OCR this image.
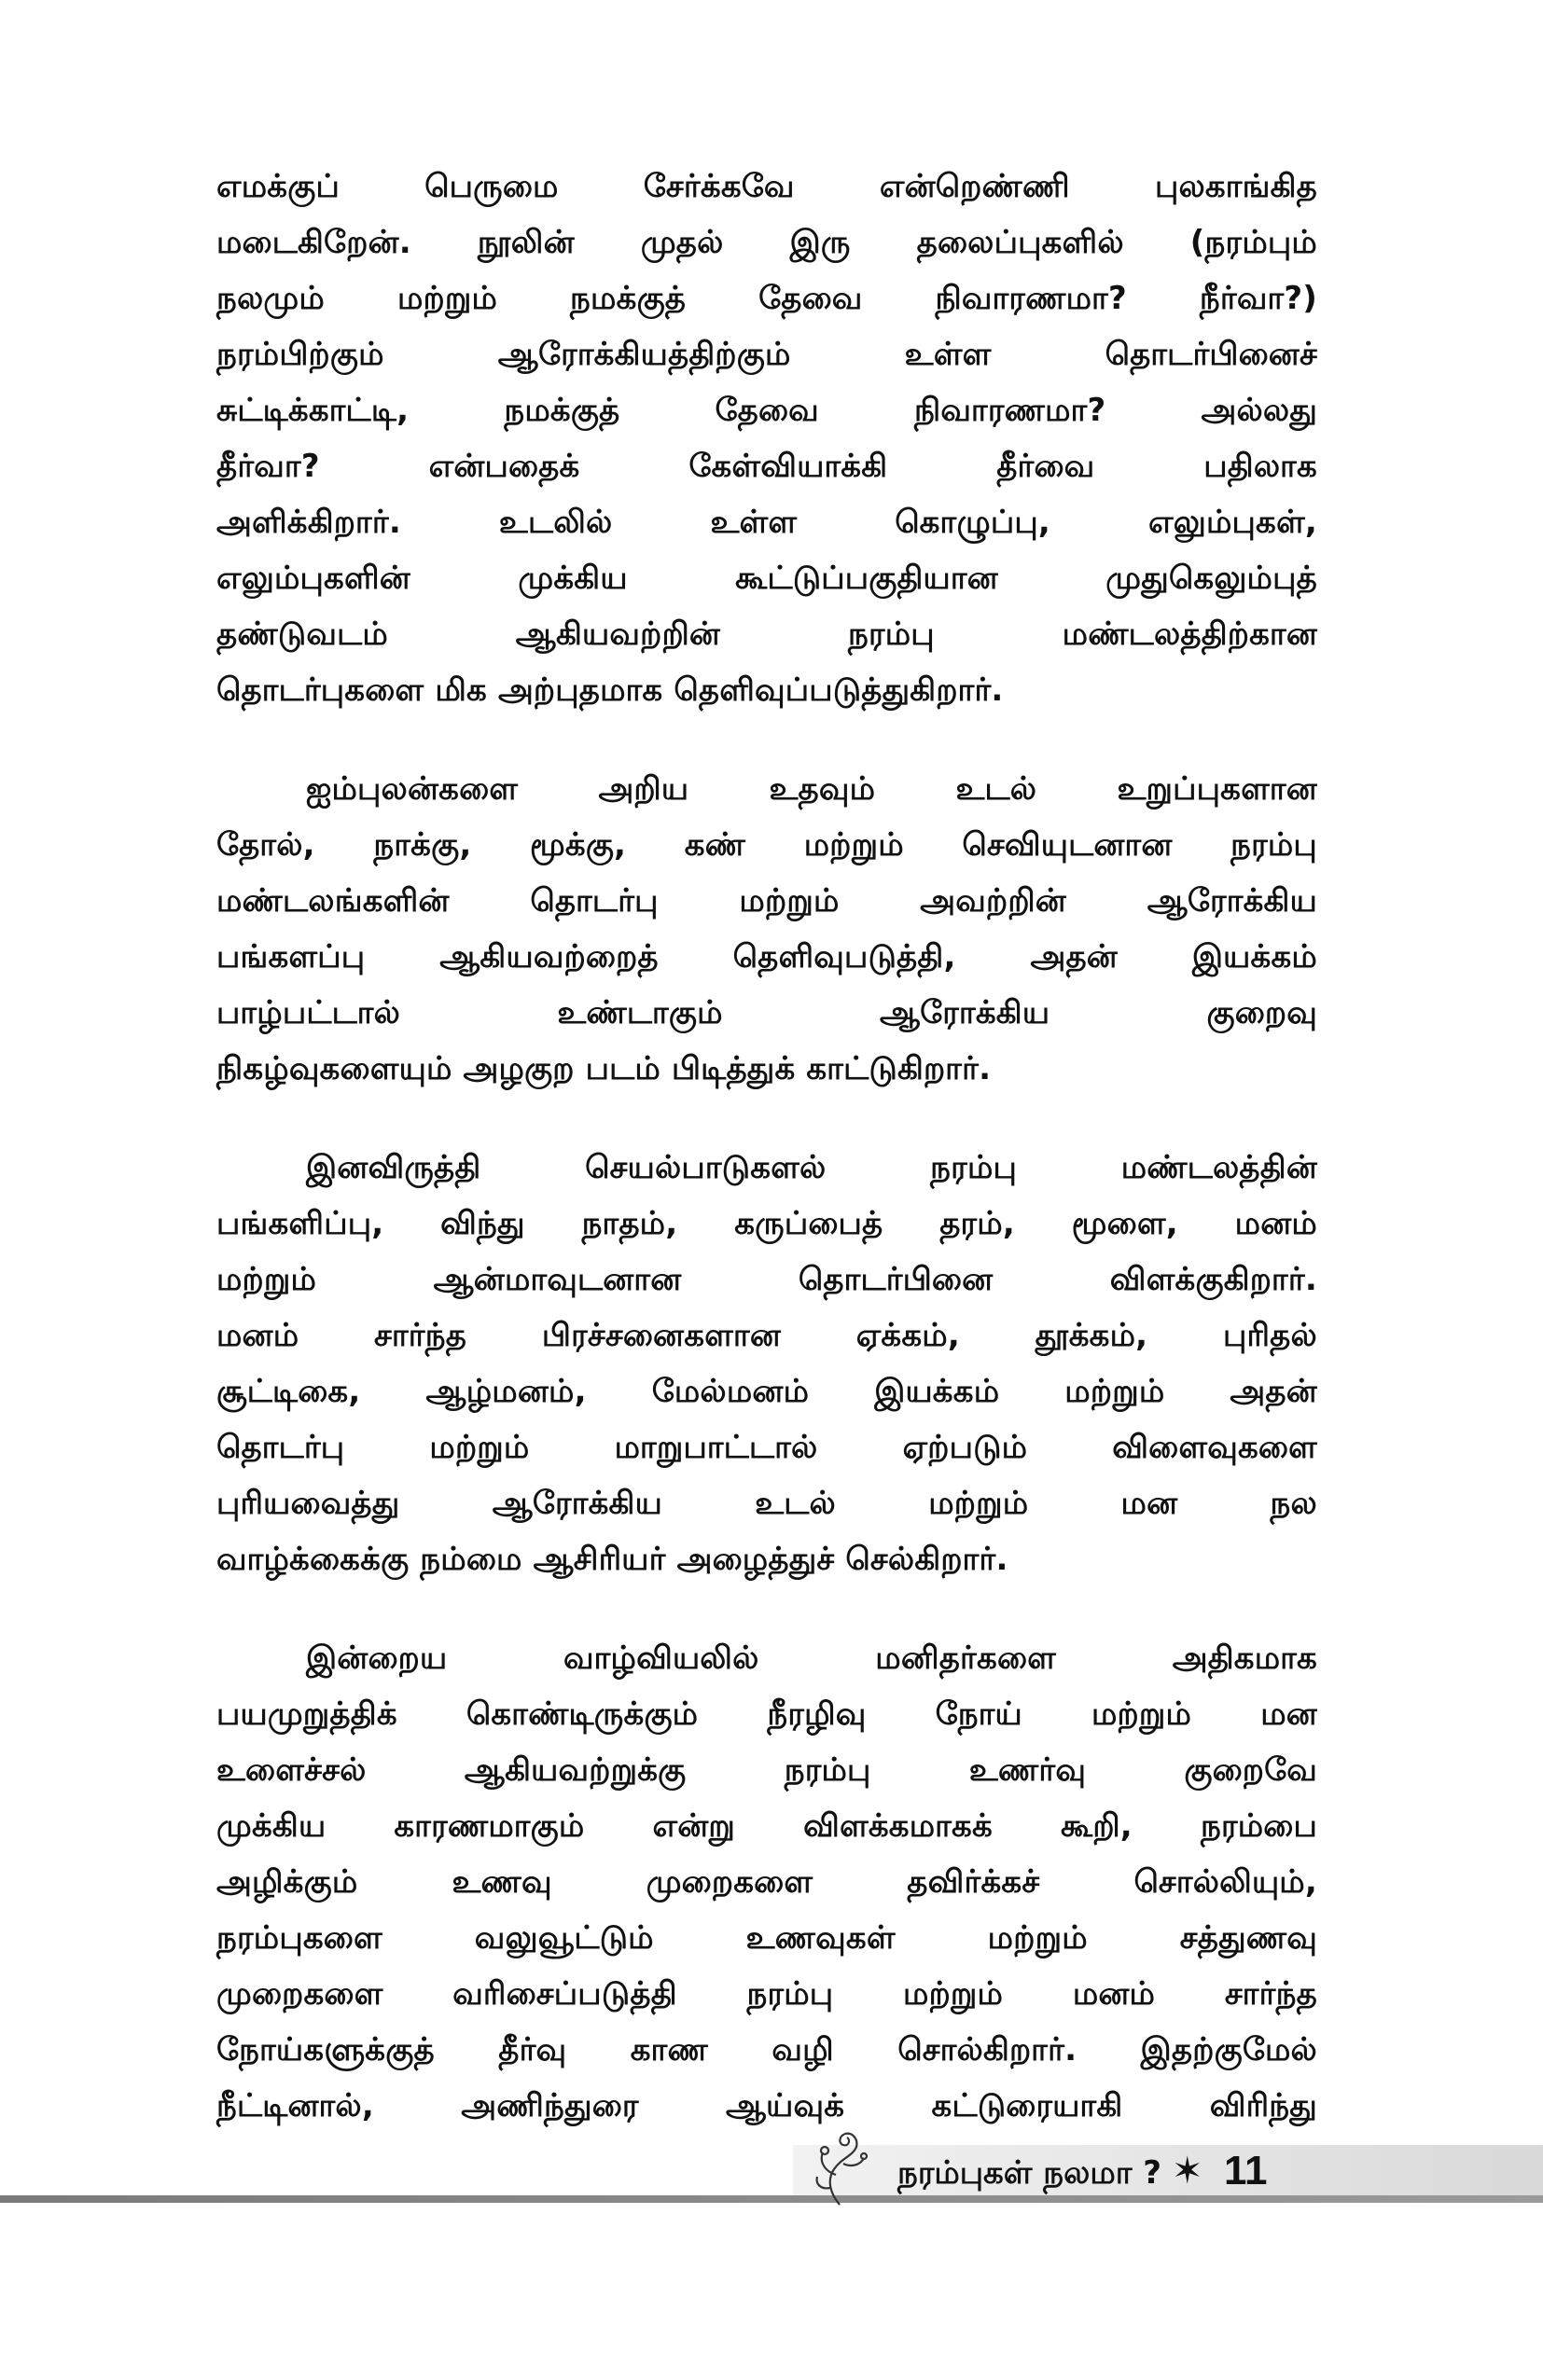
எமக்குப்	பெருமை	சேர்க்கவே	என்றெண்ணி	புலகாங்கித
மடைகிறேன். நூலின் முதல் இரு தலைப்புகளில் (நரம்பும்
நலமும் மற்றும் நமக்குத் தேவை நிவாரணமா? நீர்வா?)
நரம்பிற்கும்	ஆரோக்கியத்திற்கும்	உள்ள	தொடர்பினைச்
சுட்டிக்காட்டி,	நமக்குத்	தேவை	நிவாரணமா?	அல்லது
தீர்வா?	என்பதைக்	கேள்வியாக்கி	தீர்வை	பதிலாக
அளிக்கிறார்.	உடலில்	உள்ள	கொழுப்பு,	எலும்புகள்,
எலும்புகளின்	முக்கிய	கூட்டுப்பகுதியான	முதுகெலும்புத்
தண்டுவடம்	ஆகியவற்றின்	நரம்பு	மண்டலத்திற்கான
தொடர்புகளை மிக அற்புதமாக தெளிவுப்படுத்துகிறார்.
ஐம்புலன்களை	அறிய	உதவும்	உடல்	உறுப்புகளான
தோல், நாக்கு, மூக்கு, கண் மற்றும் செவியுடனான நரம்பு
மண்டலங்களின்	தொடர்பு	மற்றும்	அவற்றின்	ஆரோக்கிய
பங்களப்பு ஆகியவற்றைத் தெளிவுபடுத்தி, அதன் இயக்கம்
பாழ்பட்டால்	உண்டாகும்	ஆரோக்கிய	குறைவு
நிகழ்வுகளையும் அழகுற படம் பிடித்துக் காட்டுகிறார்.
இனவிருத்தி	செயல்பாடுகளல்	நரம்பு	மண்டலத்தின்
பங்களிப்பு, விந்து நாதம், கருப்பைத் தரம், மூளை, மனம்
மற்றும்	ஆன்மாவுடனான	தொடர்பினை	விளக்குகிறார்.
மனம் சார்ந்த பிரச்சனைகளான ஏக்கம், தூக்கம், புரிதல்
சூட்டிகை, ஆழ்மனம், மேல்மனம் இயக்கம் மற்றும் அதன்
தொடர்பு	மற்றும்	மாறுபாட்டால்	ஏற்படும்	விளைவுகளை
புரியவைத்து	ஆரோக்கிய	உடல்	மற்றும்	மன	நல
வாழ்க்கைக்கு நம்மை ஆசிரியர் அழைத்துச் செல்கிறார்.
இன்றைய	வாழ்வியலில்	மனிதர்களை	அதிகமாக
பயமுறுத்திக் கொண்டிருக்கும் நீரழிவு நோய் மற்றும் மன
உளைச்சல்	ஆகியவற்றுக்கு	நரம்பு	உணர்வு	குறைவே
முக்கிய காரணமாகும் என்று விளக்கமாகக் கூறி, நரம்பை
அழிக்கும்	உணவு	முறைகளை	தவிர்க்கச்	சொல்லியும்,
நரம்புகளை	வலுவூட்டும்	உணவுகள்	மற்றும்	சத்துணவு
முறைகளை வரிசைப்படுத்தி நரம்பு மற்றும் மனம் சார்ந்த
நோய்களுக்குத் தீர்வு காண வழி சொல்கிறார். இதற்குமேல்
நீட்டினால்,	அணிந்துரை	ஆய்வுக்	கட்டுரையாகி	விரிந்து
நரம்புகள் நலமா ? ✶ 11
